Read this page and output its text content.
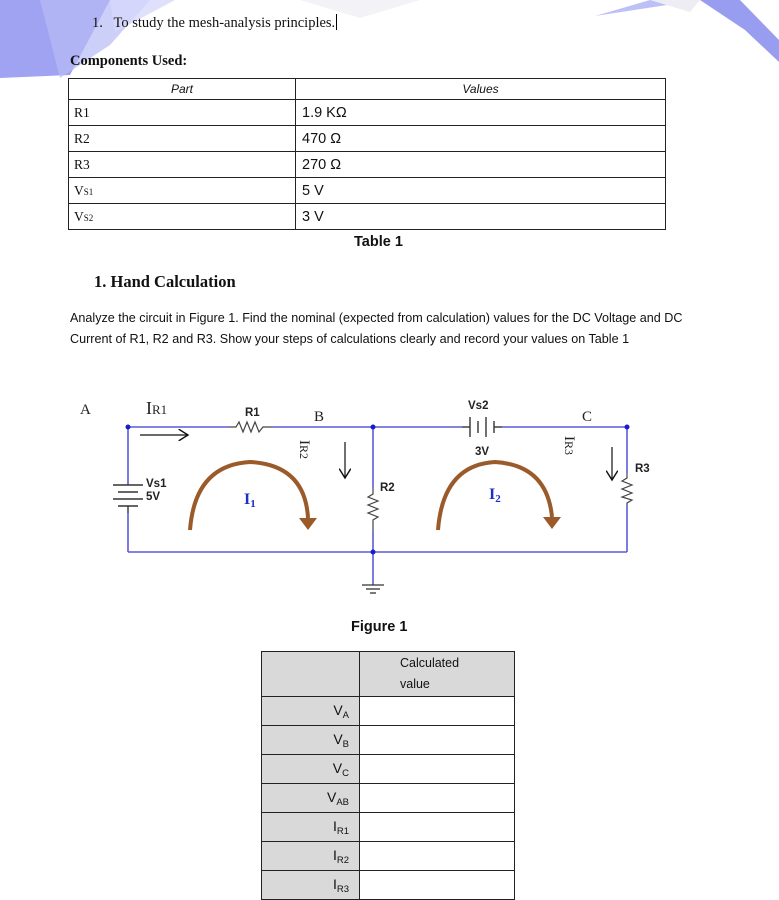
1. To study the mesh-analysis principles.
Components Used:
Part	Values
R1	1.9 KΩ
R2	470 Ω
R3	270 Ω
VS1	5 V
VS2	3 V
Table 1
1. Hand Calculation
Analyze the circuit in Figure 1. Find the nominal (expected from calculation) values for the DC Voltage and DC Current of R1, R2 and R3. Show your steps of calculations clearly and record your values on Table 1
A	B	C
IR1
IR2
IR3
R1
R2
R3
Vs1
5V
Vs2
3V
I1
I2
Figure 1
	Calculated
value
$V_A$	
$V_B$	
$V_C$	
$V_{AB}$	
$I_{R1}$	
$I_{R2}$	
$I_{R3}$	
